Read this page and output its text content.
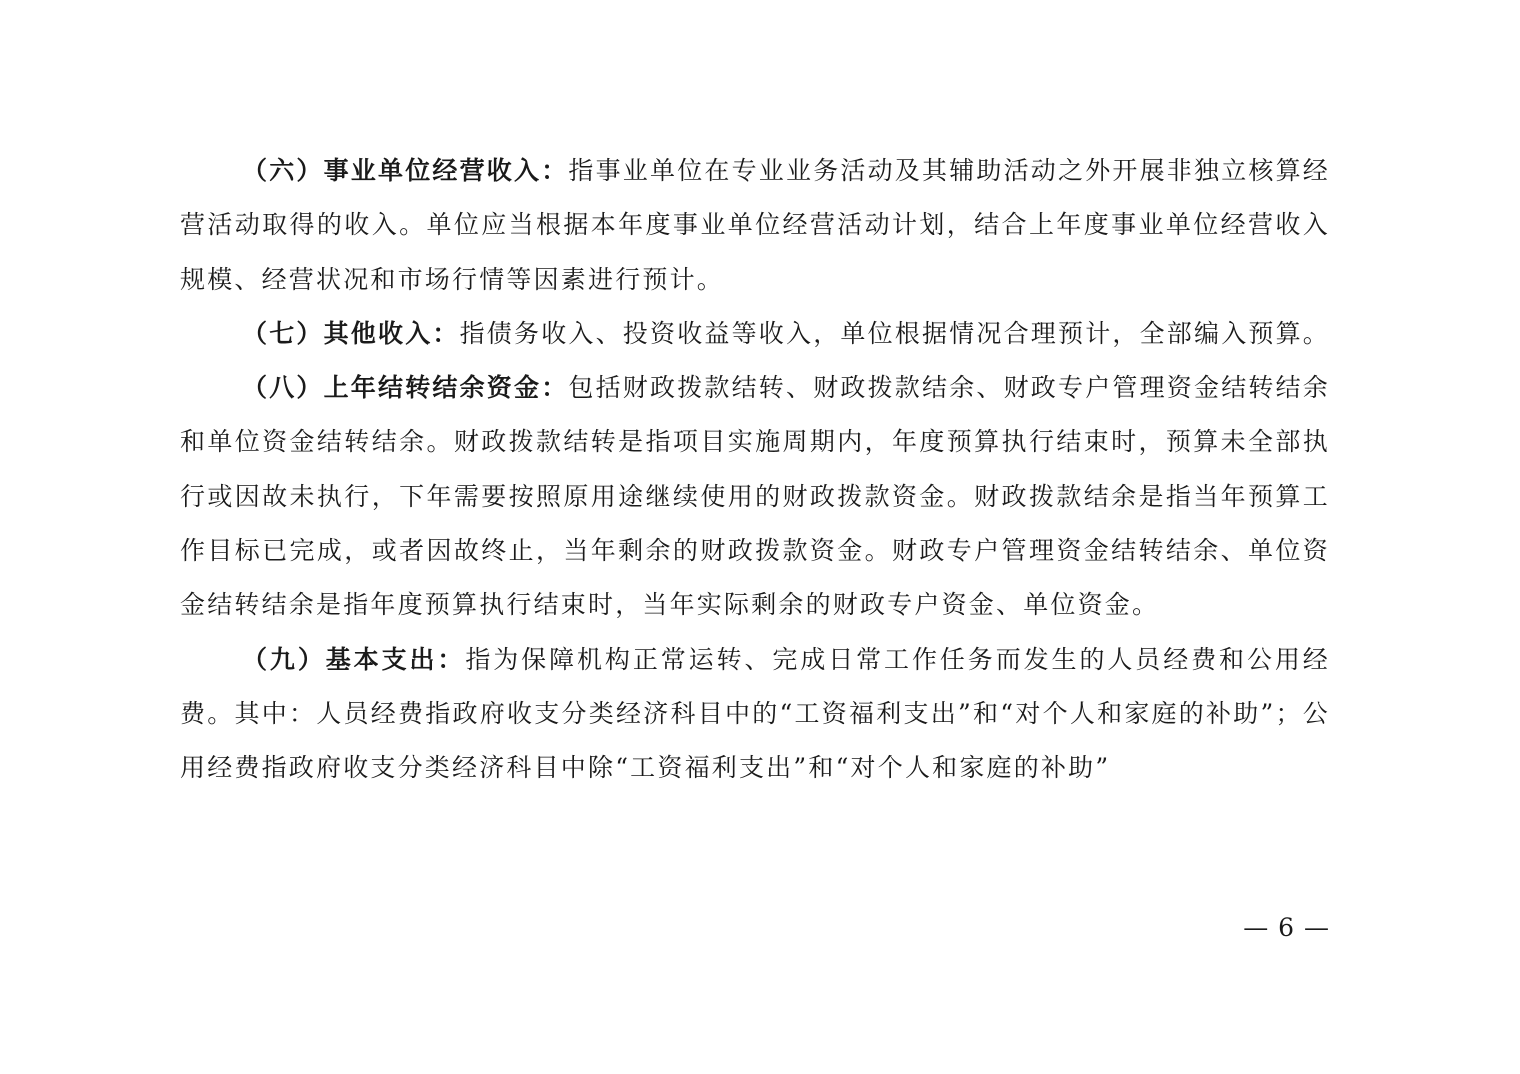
（六）事业单位经营收入：指事业单位在专业业务活动及其辅助活动之外开展非独立核算经营活动取得的收入。单位应当根据本年度事业单位经营活动计划，结合上年度事业单位经营收入规模、经营状况和市场行情等因素进行预计。

（七）其他收入：指债务收入、投资收益等收入，单位根据情况合理预计，全部编入预算。

（八）上年结转结余资金：包括财政拨款结转、财政拨款结余、财政专户管理资金结转结余和单位资金结转结余。财政拨款结转是指项目实施周期内，年度预算执行结束时，预算未全部执行或因故未执行，下年需要按照原用途继续使用的财政拨款资金。财政拨款结余是指当年预算工作目标已完成，或者因故终止，当年剩余的财政拨款资金。财政专户管理资金结转结余、单位资金结转结余是指年度预算执行结束时，当年实际剩余的财政专户资金、单位资金。

（九）基本支出：指为保障机构正常运转、完成日常工作任务而发生的人员经费和公用经费。其中：人员经费指政府收支分类经济科目中的“工资福利支出”和“对个人和家庭的补助”；公用经费指政府收支分类经济科目中除“工资福利支出”和“对个人和家庭的补助”

— 6 —
